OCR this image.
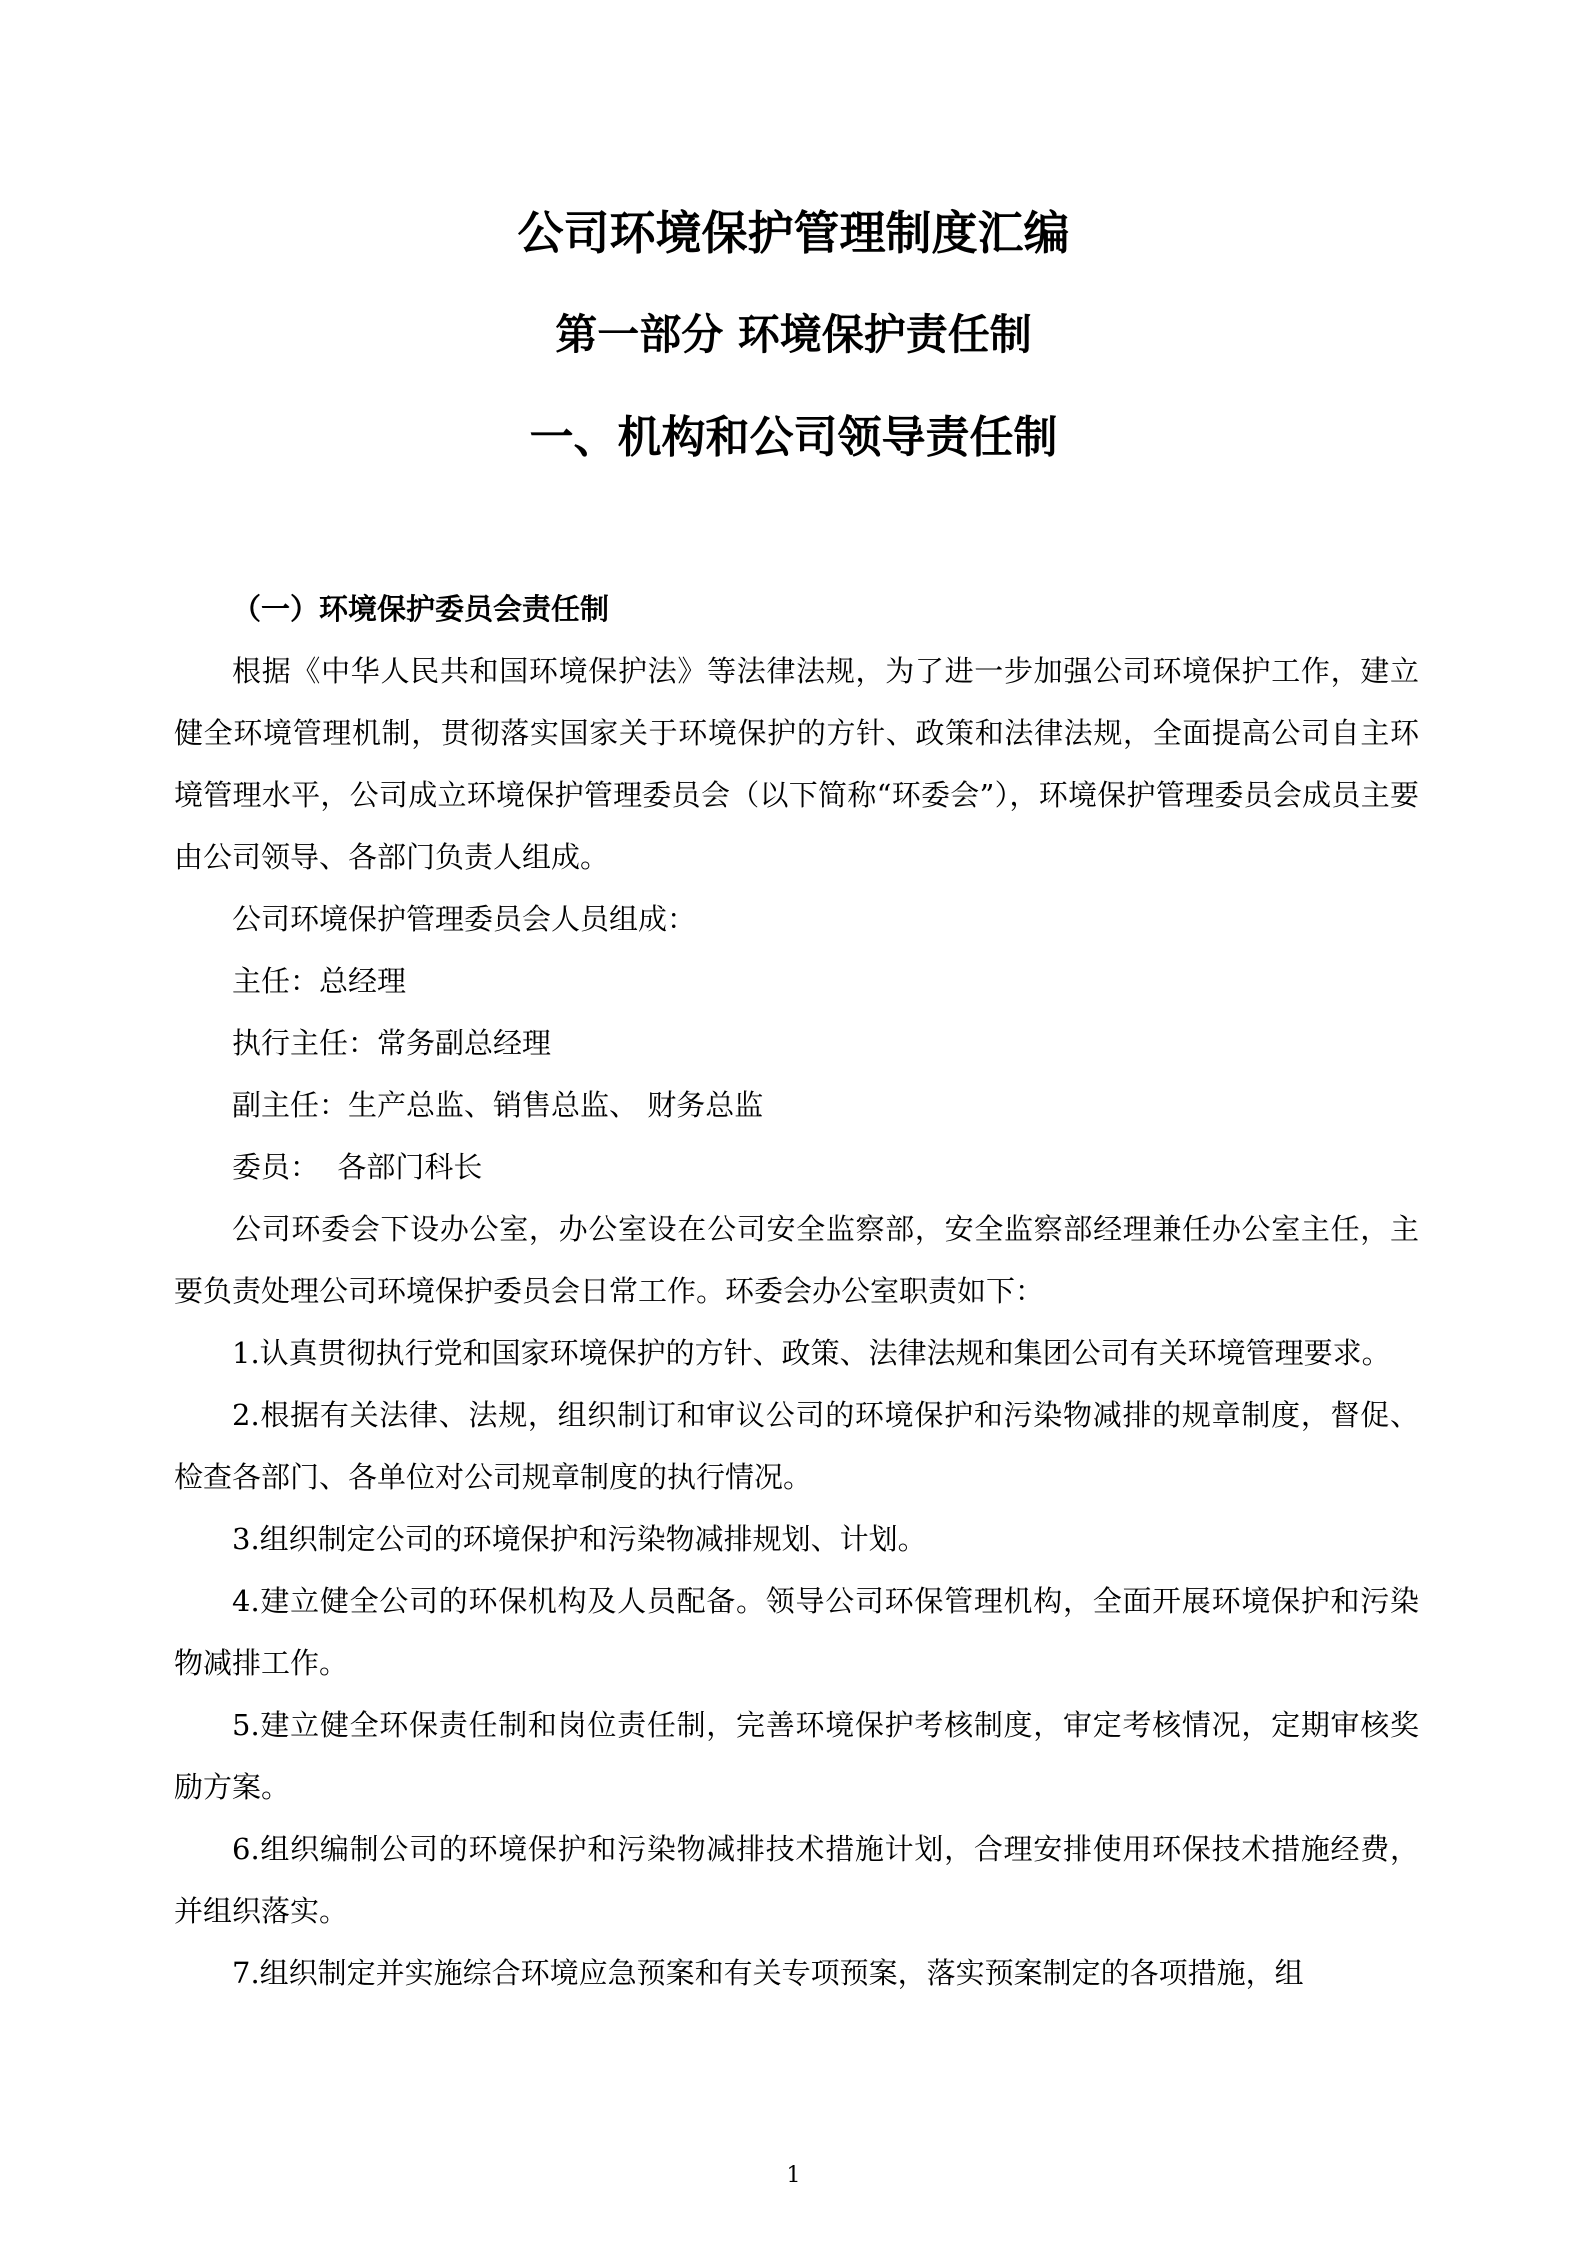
公司环境保护管理制度汇编
第一部分 环境保护责任制
一、机构和公司领导责任制

（一）环境保护委员会责任制

根据《中华人民共和国环境保护法》等法律法规，为了进一步加强公司环境保护工作，建立健全环境管理机制，贯彻落实国家关于环境保护的方针、政策和法律法规，全面提高公司自主环境管理水平，公司成立环境保护管理委员会（以下简称“环委会”），环境保护管理委员会成员主要由公司领导、各部门负责人组成。

公司环境保护管理委员会人员组成：

主任：总经理

执行主任：常务副总经理

副主任：生产总监、销售总监、 财务总监

委员：  各部门科长

公司环委会下设办公室，办公室设在公司安全监察部，安全监察部经理兼任办公室主任，主要负责处理公司环境保护委员会日常工作。环委会办公室职责如下：

1.认真贯彻执行党和国家环境保护的方针、政策、法律法规和集团公司有关环境管理要求。

2.根据有关法律、法规，组织制订和审议公司的环境保护和污染物减排的规章制度，督促、检查各部门、各单位对公司规章制度的执行情况。

3.组织制定公司的环境保护和污染物减排规划、计划。

4.建立健全公司的环保机构及人员配备。领导公司环保管理机构，全面开展环境保护和污染物减排工作。

5.建立健全环保责任制和岗位责任制，完善环境保护考核制度，审定考核情况，定期审核奖励方案。

6.组织编制公司的环境保护和污染物减排技术措施计划，合理安排使用环保技术措施经费，并组织落实。

7.组织制定并实施综合环境应急预案和有关专项预案，落实预案制定的各项措施，组

1
